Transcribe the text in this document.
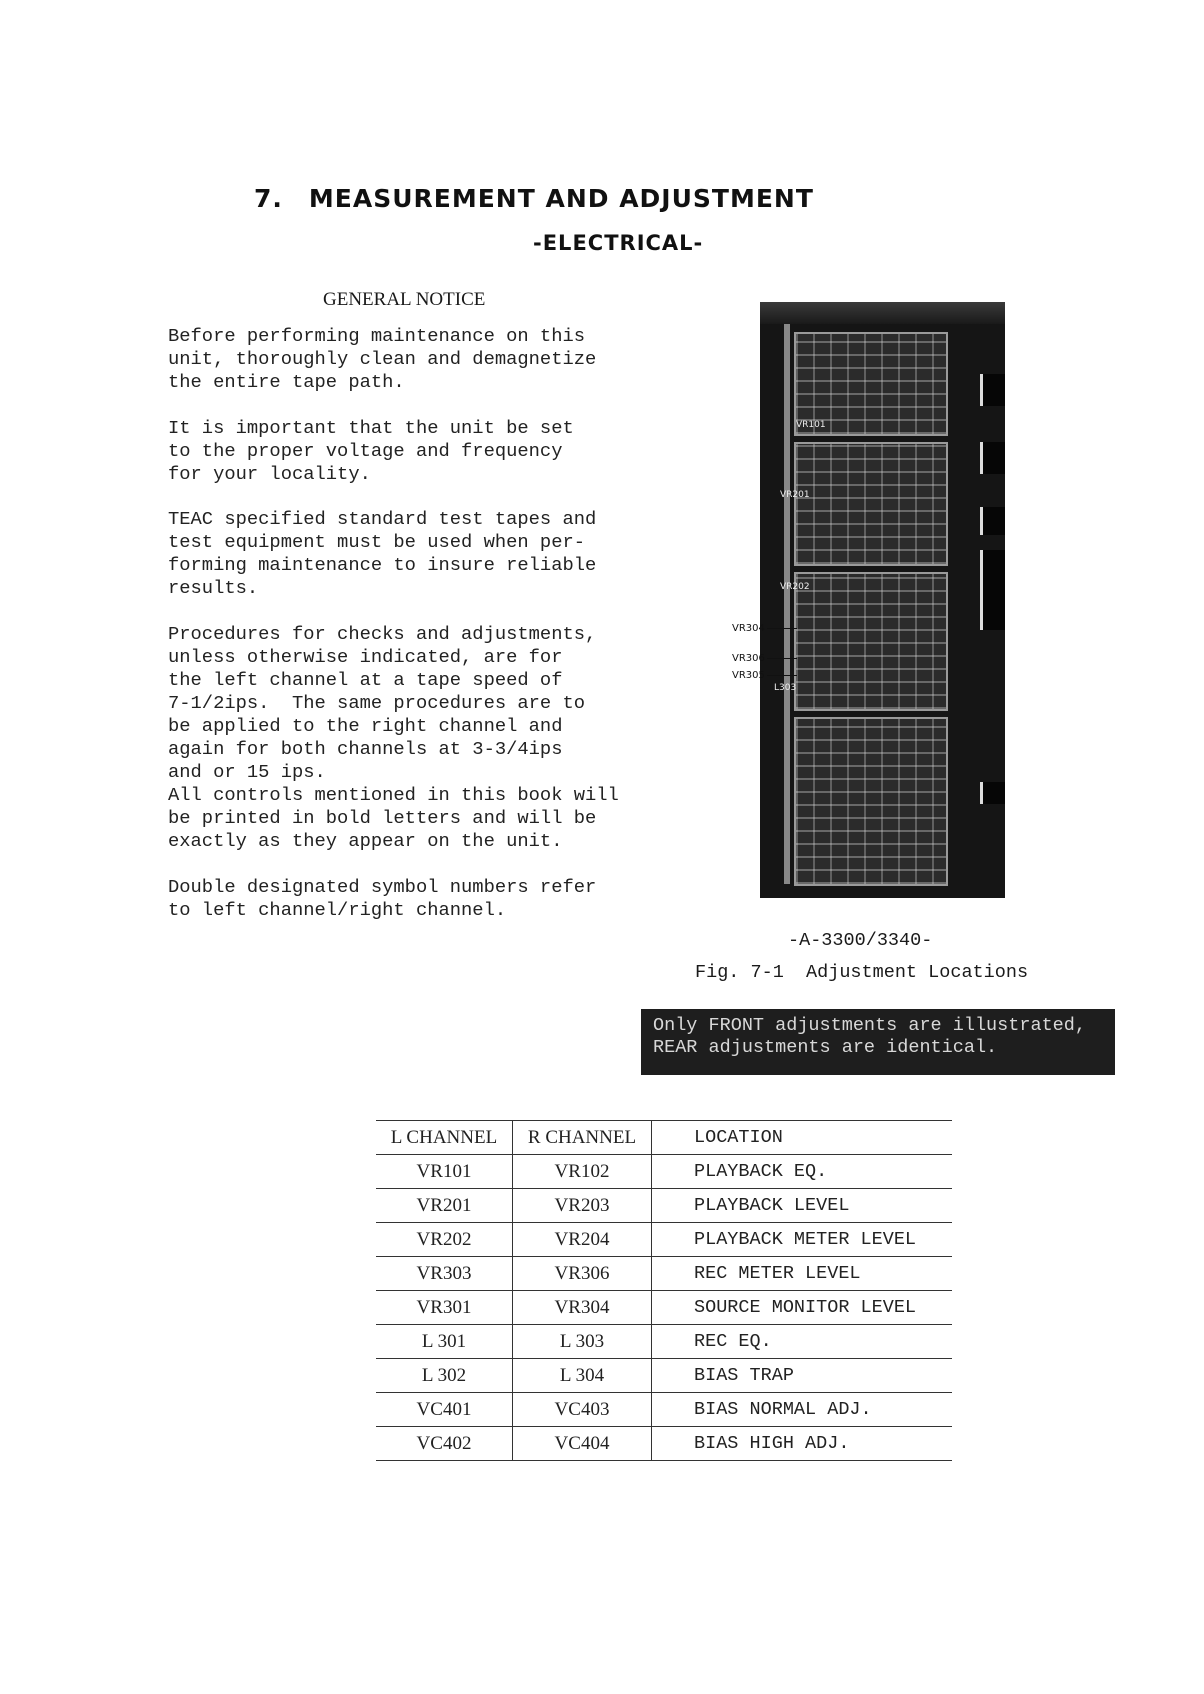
7. MEASUREMENT AND ADJUSTMENT
-ELECTRICAL-
GENERAL NOTICE

Before performing maintenance on this
unit, thoroughly clean and demagnetize
the entire tape path.

It is important that the unit be set
to the proper voltage and frequency
for your locality.

TEAC specified standard test tapes and
test equipment must be used when per-
forming maintenance to insure reliable
results.

Procedures for checks and adjustments,
unless otherwise indicated, are for
the left channel at a tape speed of
7-1/2ips.  The same procedures are to
be applied to the right channel and
again for both channels at 3-3/4ips
and or 15 ips.
All controls mentioned in this book will
be printed in bold letters and will be
exactly as they appear on the unit.

Double designated symbol numbers refer
to left channel/right channel.

VR101
VR201
VR202
L303
VR304
VR306
VR305
-A-3300/3340-
Fig. 7-1  Adjustment Locations
Only FRONT adjustments are illustrated,
REAR adjustments are identical.
L CHANNEL	R CHANNEL	LOCATION
VR101	VR102	PLAYBACK EQ.
VR201	VR203	PLAYBACK LEVEL
VR202	VR204	PLAYBACK METER LEVEL
VR303	VR306	REC METER LEVEL
VR301	VR304	SOURCE MONITOR LEVEL
L 301	L 303	REC EQ.
L 302	L 304	BIAS TRAP
VC401	VC403	BIAS NORMAL ADJ.
VC402	VC404	BIAS HIGH ADJ.
